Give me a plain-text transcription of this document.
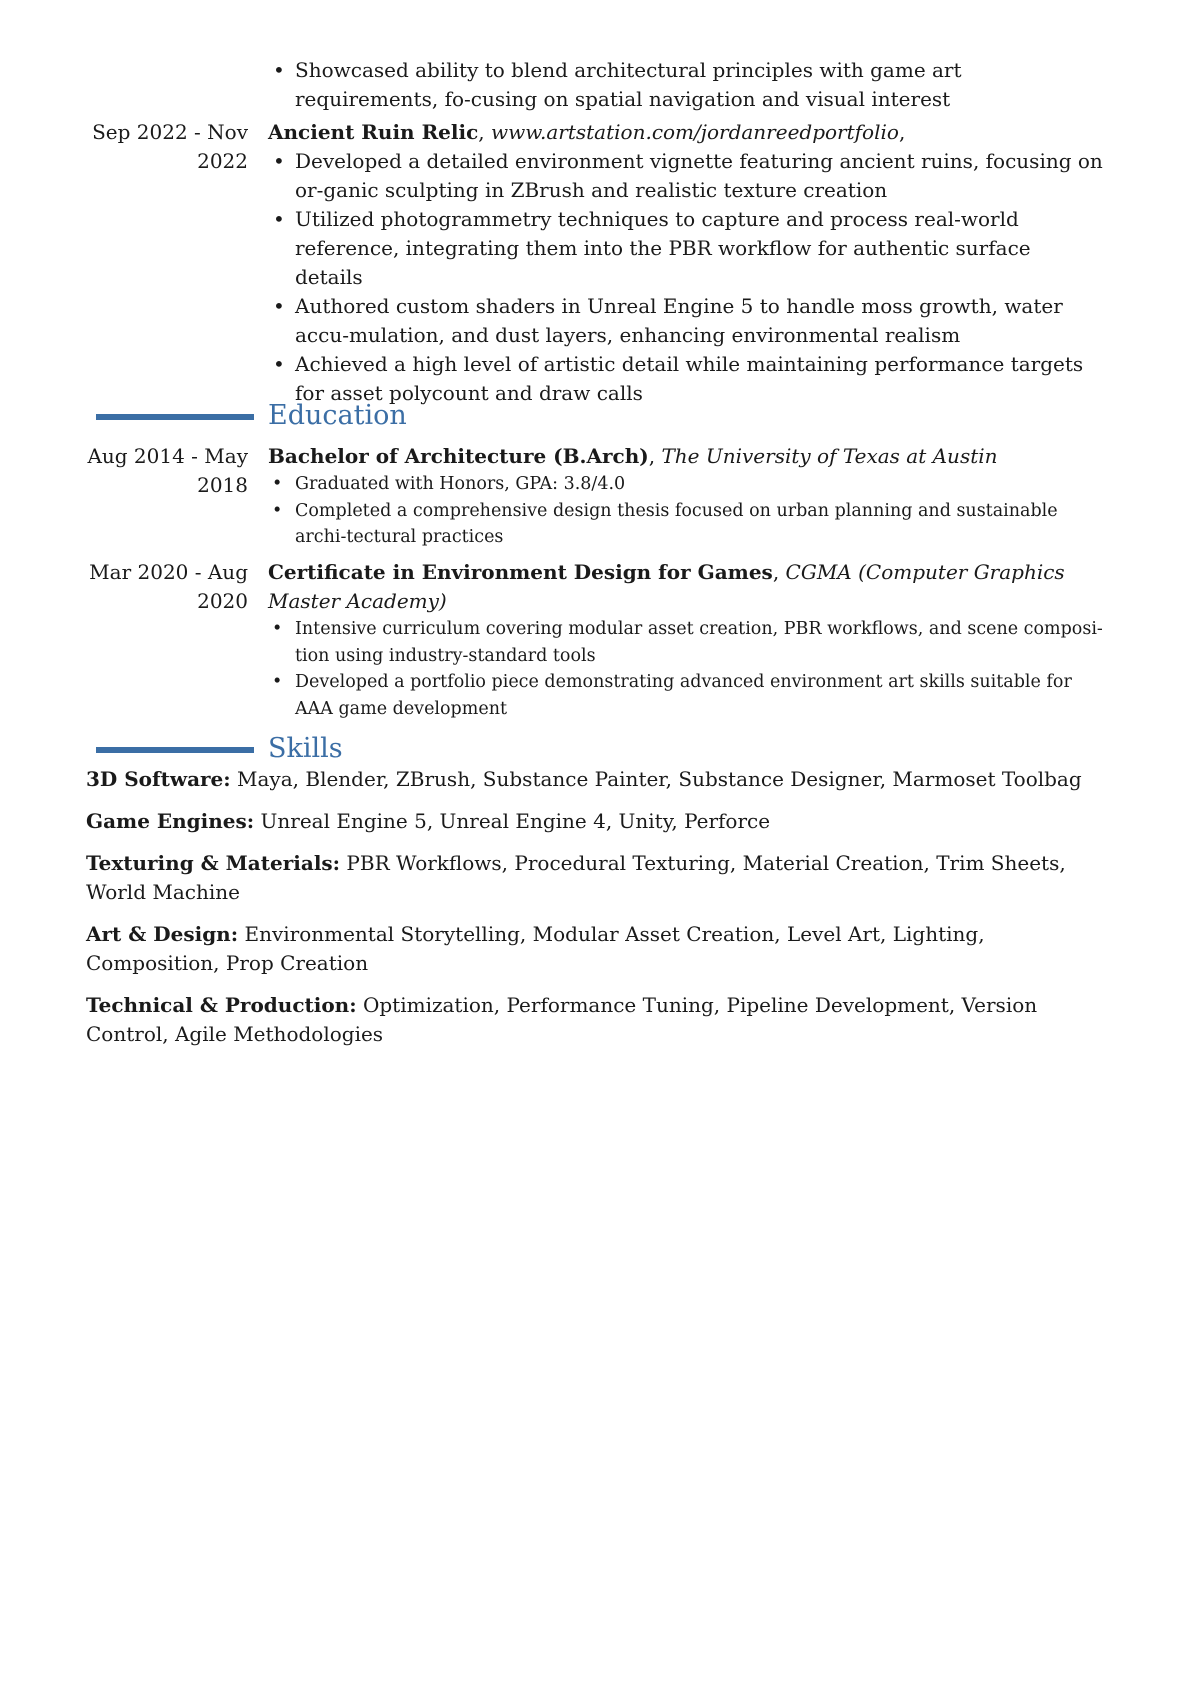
• Showcased ability to blend architectural principles with game art requirements, fo-cusing on spatial navigation and visual interest
Sep 2022 - Nov 2022

Ancient Ruin Relic, www.artstation.com/jordanreedportfolio,

• Developed a detailed environment vignette featuring ancient ruins, focusing on or-ganic sculpting in ZBrush and realistic texture creation
• Utilized photogrammetry techniques to capture and process real-world reference, integrating them into the PBR workflow for authentic surface details
• Authored custom shaders in Unreal Engine 5 to handle moss growth, water accu-mulation, and dust layers, enhancing environmental realism
• Achieved a high level of artistic detail while maintaining performance targets for asset polycount and draw calls
Education
Aug 2014 - May 2018

Bachelor of Architecture (B.Arch), The University of Texas at Austin

• Graduated with Honors, GPA: 3.8/4.0
• Completed a comprehensive design thesis focused on urban planning and sustainable archi-tectural practices
Mar 2020 - Aug 2020

Certificate in Environment Design for Games, CGMA (Computer Graphics Master Academy)

• Intensive curriculum covering modular asset creation, PBR workflows, and scene composi-tion using industry-standard tools
• Developed a portfolio piece demonstrating advanced environment art skills suitable for AAA game development
Skills

3D Software: Maya, Blender, ZBrush, Substance Painter, Substance Designer, Marmoset Toolbag

Game Engines: Unreal Engine 5, Unreal Engine 4, Unity, Perforce

Texturing & Materials: PBR Workflows, Procedural Texturing, Material Creation, Trim Sheets, World Machine

Art & Design: Environmental Storytelling, Modular Asset Creation, Level Art, Lighting, Composition, Prop Creation

Technical & Production: Optimization, Performance Tuning, Pipeline Development, Version Control, Agile Methodologies
